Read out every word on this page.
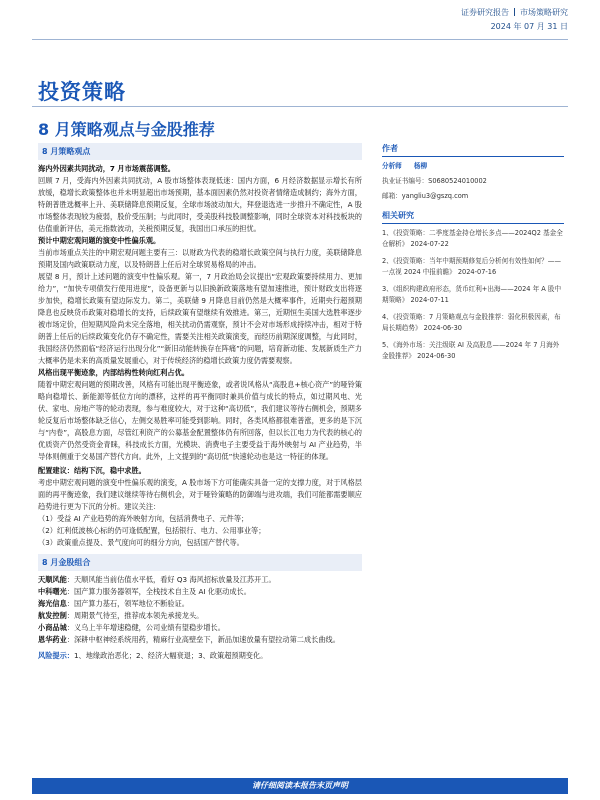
证券研究报告 市场策略研究
2024 年 07 月 31 日
投资策略
8 月策略观点与金股推荐
8 月策略观点

海内外因素共同扰动，7 月市场震荡调整。

回顾 7 月，受海内外因素共同扰动，A 股市场整体表现低迷：国内方面，6 月经济数据显示增长有所放缓，稳增长政策整体也并未明显超出市场预期，基本面因素仍然对投资者情绪造成制约；海外方面，特朗普胜选概率上升、美联储降息预期反复，全球市场波动加大，拜登退选进一步推升不确定性，A 股市场整体表现较为疲弱，股价受压制；与此同时，受美股科技股调整影响，同时全球资本对科技板块的估值重新评估，美元指数波动，关税预期反复，我国出口承压的担忧。

预计中期宏观问题的演变中性偏乐观。

当前市场重点关注的中期宏观问题主要有三：以财政为代表的稳增长政策空间与执行力度，美联储降息预期及国内政策联动力度，以及特朗普上任后对全球贸易格局的冲击。

展望 8 月，预计上述问题的演变中性偏乐观。第一，7 月政治局会议提出“宏观政策要持续用力、更加给力”，“加快专项债发行使用进度”，设备更新与以旧换新政策落地有望加速推进，预计财政支出将逐步加快，稳增长政策有望边际发力。第二，美联储 9 月降息目前仍然是大概率事件，近期央行超预期降息也反映货币政策对稳增长的支持，后续政策有望继续有效推进。第三，近期恒生美国大选胜率逐步被市场定价，但短期风险尚未完全落地，相关扰动仍需观察，预计不会对市场形成持续冲击，相对于特朗普上任后的后续政策变化仍存不确定性，需要关注相关政策演变，而经历前期深度调整，与此同时，我国经济仍然面临“经济运行出现分化”“新旧动能转换存在阵痛”的问题，培育新动能、发展新质生产力大概率仍是未来的高质量发展重心，对于传统经济的稳增长政策力度仍需要观察。

风格出现平衡迹象，内部结构性转向红利占优。

随着中期宏观问题的预期改善，风格有可能出现平衡迹象，或者说风格从“高股息+核心资产”的哑铃策略向稳增长、新能源等低位方向的漂移，这样的再平衡同时兼具价值与成长的特点，如过期风电、光伏、家电、房地产等的轮动表现，参与难度较大，对于这种“高切低”，我们建议等待右侧机会，预期多轮反复后市场整体缺乏信心，左侧交易胜率可能受到影响。同时，各类风格都很难普涨，更多的是下沉与“内卷”，高股息方面，尽管红利资产的公募基金配置整体仍有所回落，但以长江电力为代表的核心的优质资产仍然受资金青睐，科技成长方面，光模块、消费电子主要受益于海外映射与 AI 产业趋势，半导体则侧重于交易国产替代方向。此外，上文提到的“高切低”快速轮动也是这一特征的体现。

配置建议：结构下沉，稳中求胜。

考虑中期宏观问题的演变中性偏乐观的演变，A 股市场下方可能确实具备一定的支撑力度，对于风格层面的再平衡迹象，我们建议继续等待右侧机会，对于哑铃策略的防御端与进攻端，我们可能都需要顺应趋势进行更为下沉的分析。建议关注：

（1）受益 AI 产业趋势的海外映射方向，包括消费电子、元件等；

（2）红利低波核心标的仍可逢低配置，包括银行、电力、公用事业等；

（3）政策重点提及、景气度向可的细分方向，包括国产替代等。

8 月金股组合

天顺风能：天顺风能当前估值水平低，看好 Q3 海风招标放量及江苏开工。

中科曙光：国产算力服务器领军，全栈技术自主及 AI 化驱动成长。

海光信息：国产算力基石，领军地位不断验证。

航发控制：周期景气待至，推荐成本领先承接龙头。

小商品城：义乌上半年增速稳健，公司业绩有望稳步增长。

恩华药业：深耕中枢神经系统用药，精麻行业高壁垒下，新品加速放量有望拉动第二成长曲线。

风险提示：1、地缘政治恶化；2、经济大幅衰退；3、政策超预期变化。

作者
分析师 杨柳
执业证书编号：S0680524010002
邮箱：yangliu3@gszq.com
相关研究
1、《投资策略：二季度基金持仓增长多点——2024Q2 基金全仓解析》 2024-07-22
2、《投资策略：当年中期预期修复后分析何有效性如何？——一点视 2024 中报前瞻》 2024-07-16
3、《组织构建政府形态，货币红利+出海——2024 年 A 股中期策略》 2024-07-11
4、《投资策略：7 月策略观点与金股推荐：弱化积极因素，布局长期趋势》 2024-06-30
5、《海外市场：关注级联 AI 及高股息——2024 年 7 月海外金股推荐》 2024-06-30
请仔细阅读本报告末页声明
